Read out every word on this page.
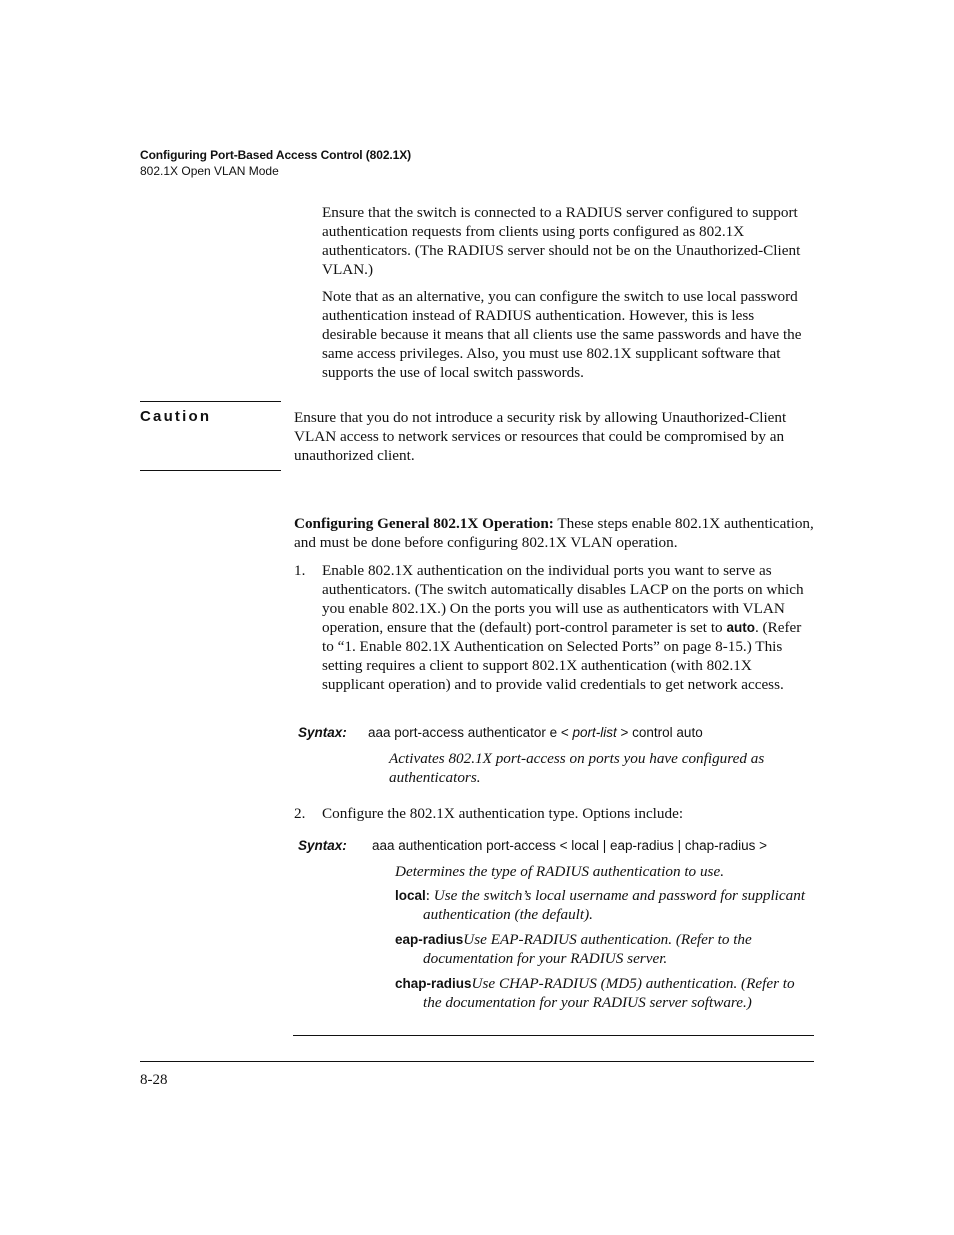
Configuring Port-Based Access Control (802.1X)
802.1X Open VLAN Mode
Ensure that the switch is connected to a RADIUS server configured to support authentication requests from clients using ports configured as 802.1X authenticators. (The RADIUS server should not be on the Unauthorized-Client VLAN.)
Note that as an alternative, you can configure the switch to use local password authentication instead of RADIUS authentication. However, this is less desirable because it means that all clients use the same passwords and have the same access privileges. Also, you must use 802.1X supplicant software that supports the use of local switch passwords.
Caution	Ensure that you do not introduce a security risk by allowing Unauthorized-Client VLAN access to network services or resources that could be compromised by an unauthorized client.
Configuring General 802.1X Operation: These steps enable 802.1X authentication, and must be done before configuring 802.1X VLAN operation.
1. Enable 802.1X authentication on the individual ports you want to serve as authenticators. (The switch automatically disables LACP on the ports on which you enable 802.1X.) On the ports you will use as authenticators with VLAN operation, ensure that the (default) port-control parameter is set to auto. (Refer to “1. Enable 802.1X Authentication on Selected Ports” on page 8-15.) This setting requires a client to support 802.1X authentication (with 802.1X supplicant operation) and to provide valid credentials to get network access.
Syntax: aaa port-access authenticator e < port-list > control auto
Activates 802.1X port-access on ports you have configured as authenticators.
2. Configure the 802.1X authentication type. Options include:
Syntax: aaa authentication port-access < local | eap-radius | chap-radius >
Determines the type of RADIUS authentication to use.
local: Use the switch’s local username and password for supplicant authentication (the default).
eap-radiusUse EAP-RADIUS authentication. (Refer to the documentation for your RADIUS server.
chap-radiusUse CHAP-RADIUS (MD5) authentication. (Refer to the documentation for your RADIUS server software.)
8-28
